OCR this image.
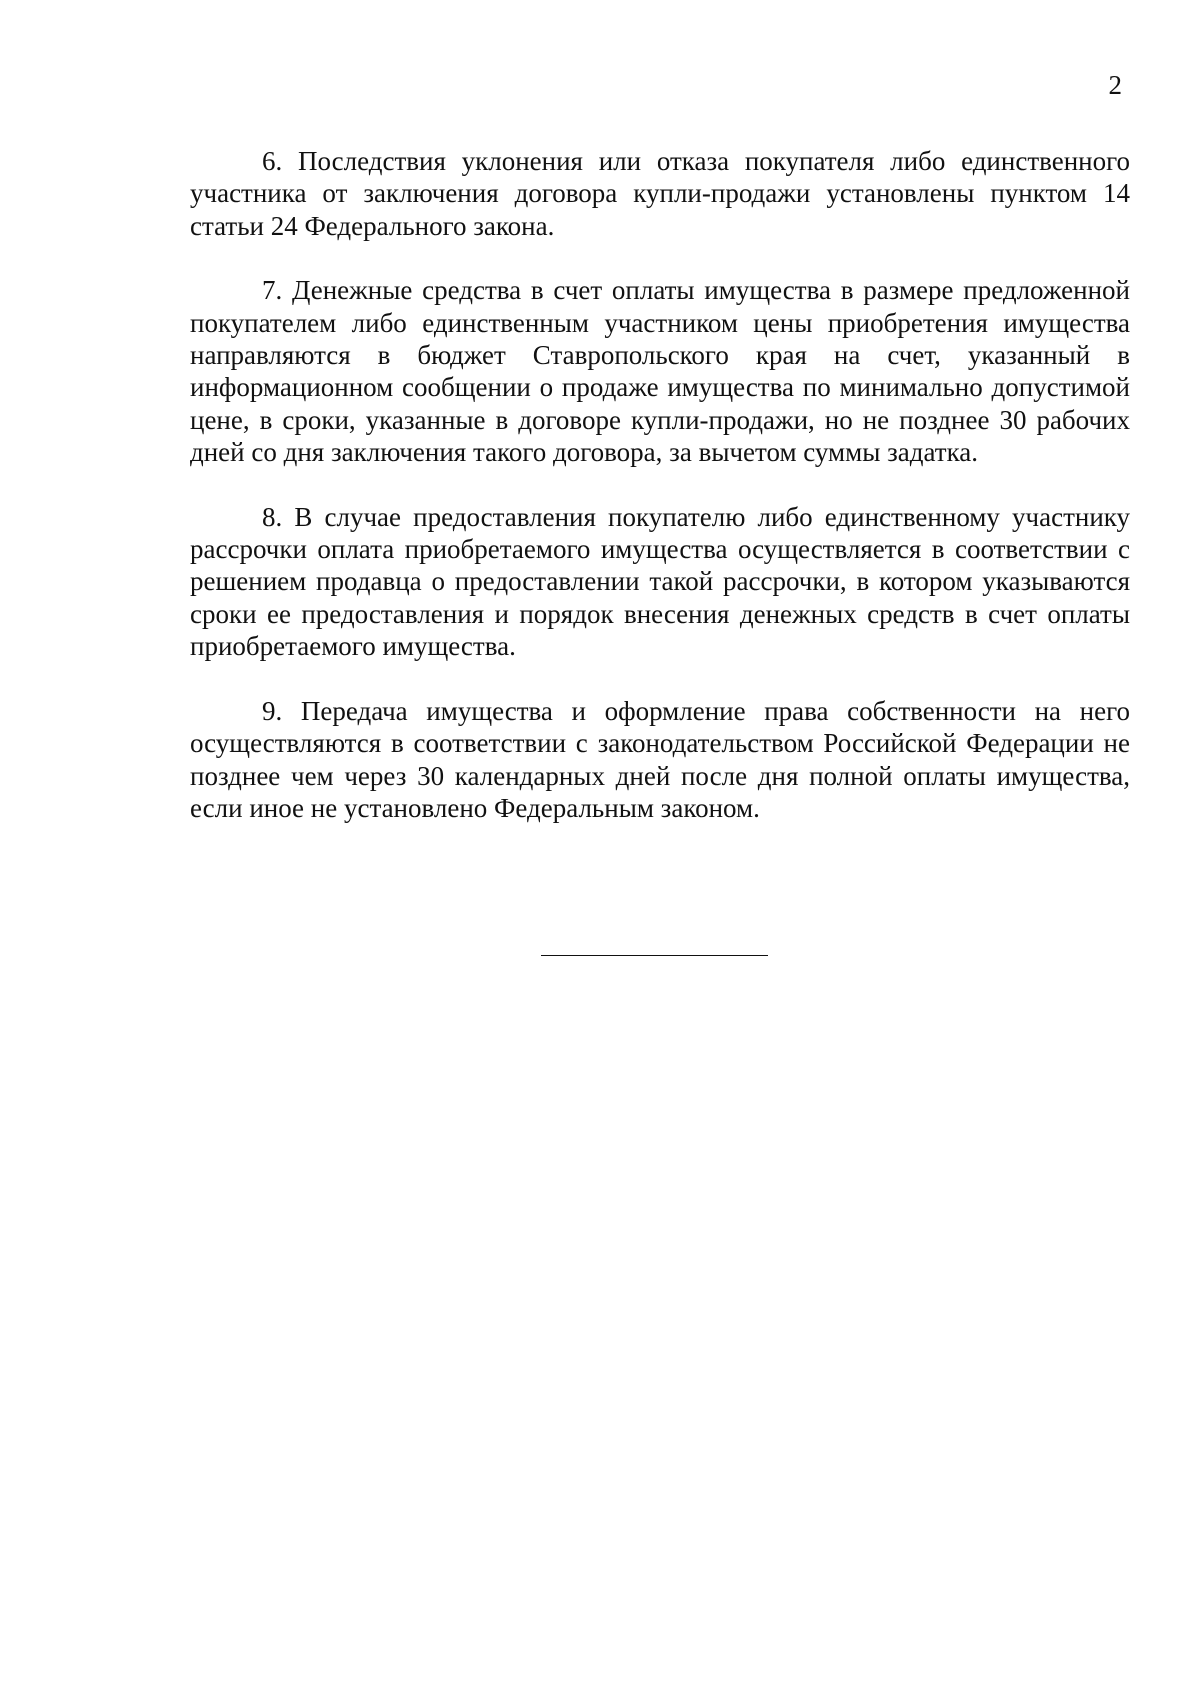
2

6. Последствия уклонения или отказа покупателя либо единственного участника от заключения договора купли-продажи установлены пунктом 14 статьи 24 Федерального закона.

7. Денежные средства в счет оплаты имущества в размере предложенной покупателем либо единственным участником цены приобретения имущества направляются в бюджет Ставропольского края на счет, указанный в информационном сообщении о продаже имущества по минимально допустимой цене, в сроки, указанные в договоре купли-продажи, но не позднее 30 рабочих дней со дня заключения такого договора, за вычетом суммы задатка.

8. В случае предоставления покупателю либо единственному участнику рассрочки оплата приобретаемого имущества осуществляется в соответствии с решением продавца о предоставлении такой рассрочки, в котором указываются сроки ее предоставления и порядок внесения денежных средств в счет оплаты приобретаемого имущества.

9. Передача имущества и оформление права собственности на него осуществляются в соответствии с законодательством Российской Федерации не позднее чем через 30 календарных дней после дня полной оплаты имущества, если иное не установлено Федеральным законом.
